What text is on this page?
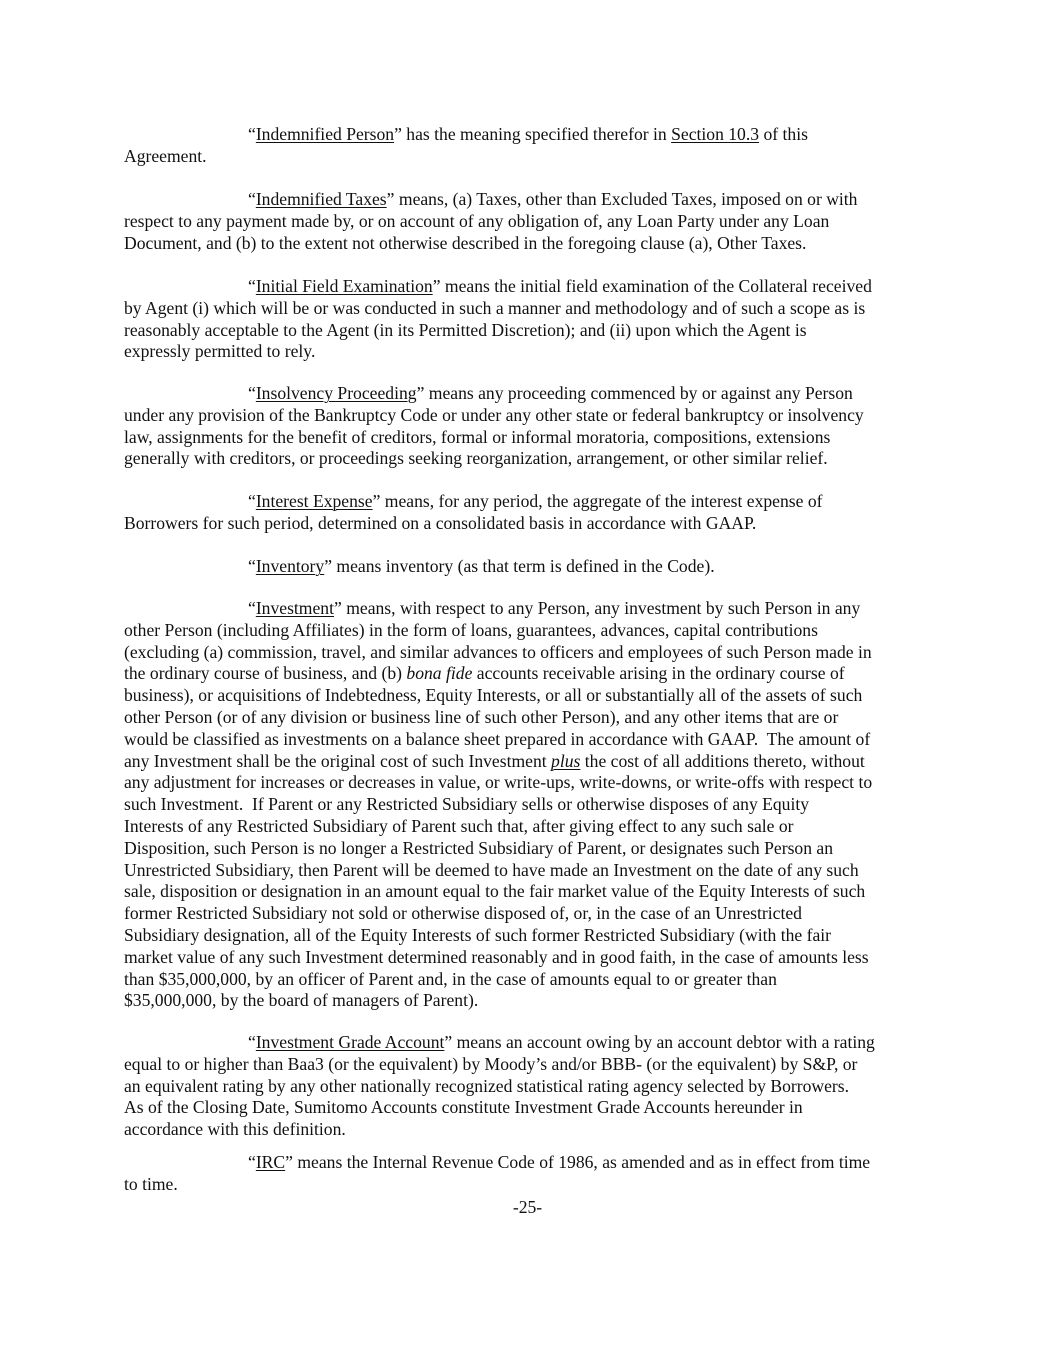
“Indemnified Person” has the meaning specified therefor in Section 10.3 of this
Agreement.
“Indemnified Taxes” means, (a) Taxes, other than Excluded Taxes, imposed on or with
respect to any payment made by, or on account of any obligation of, any Loan Party under any Loan
Document, and (b) to the extent not otherwise described in the foregoing clause (a), Other Taxes.
“Initial Field Examination” means the initial field examination of the Collateral received
by Agent (i) which will be or was conducted in such a manner and methodology and of such a scope as is
reasonably acceptable to the Agent (in its Permitted Discretion); and (ii) upon which the Agent is
expressly permitted to rely.
“Insolvency Proceeding” means any proceeding commenced by or against any Person
under any provision of the Bankruptcy Code or under any other state or federal bankruptcy or insolvency
law, assignments for the benefit of creditors, formal or informal moratoria, compositions, extensions
generally with creditors, or proceedings seeking reorganization, arrangement, or other similar relief.
“Interest Expense” means, for any period, the aggregate of the interest expense of
Borrowers for such period, determined on a consolidated basis in accordance with GAAP.
“Inventory” means inventory (as that term is defined in the Code).
“Investment” means, with respect to any Person, any investment by such Person in any
other Person (including Affiliates) in the form of loans, guarantees, advances, capital contributions
(excluding (a) commission, travel, and similar advances to officers and employees of such Person made in
the ordinary course of business, and (b) bona fide accounts receivable arising in the ordinary course of
business), or acquisitions of Indebtedness, Equity Interests, or all or substantially all of the assets of such
other Person (or of any division or business line of such other Person), and any other items that are or
would be classified as investments on a balance sheet prepared in accordance with GAAP.  The amount of
any Investment shall be the original cost of such Investment plus the cost of all additions thereto, without
any adjustment for increases or decreases in value, or write-ups, write-downs, or write-offs with respect to
such Investment.  If Parent or any Restricted Subsidiary sells or otherwise disposes of any Equity
Interests of any Restricted Subsidiary of Parent such that, after giving effect to any such sale or
Disposition, such Person is no longer a Restricted Subsidiary of Parent, or designates such Person an
Unrestricted Subsidiary, then Parent will be deemed to have made an Investment on the date of any such
sale, disposition or designation in an amount equal to the fair market value of the Equity Interests of such
former Restricted Subsidiary not sold or otherwise disposed of, or, in the case of an Unrestricted
Subsidiary designation, all of the Equity Interests of such former Restricted Subsidiary (with the fair
market value of any such Investment determined reasonably and in good faith, in the case of amounts less
than $35,000,000, by an officer of Parent and, in the case of amounts equal to or greater than
$35,000,000, by the board of managers of Parent).
“Investment Grade Account” means an account owing by an account debtor with a rating
equal to or higher than Baa3 (or the equivalent) by Moody’s and/or BBB- (or the equivalent) by S&P, or
an equivalent rating by any other nationally recognized statistical rating agency selected by Borrowers.
As of the Closing Date, Sumitomo Accounts constitute Investment Grade Accounts hereunder in
accordance with this definition.
“IRC” means the Internal Revenue Code of 1986, as amended and as in effect from time
to time.
-25-
